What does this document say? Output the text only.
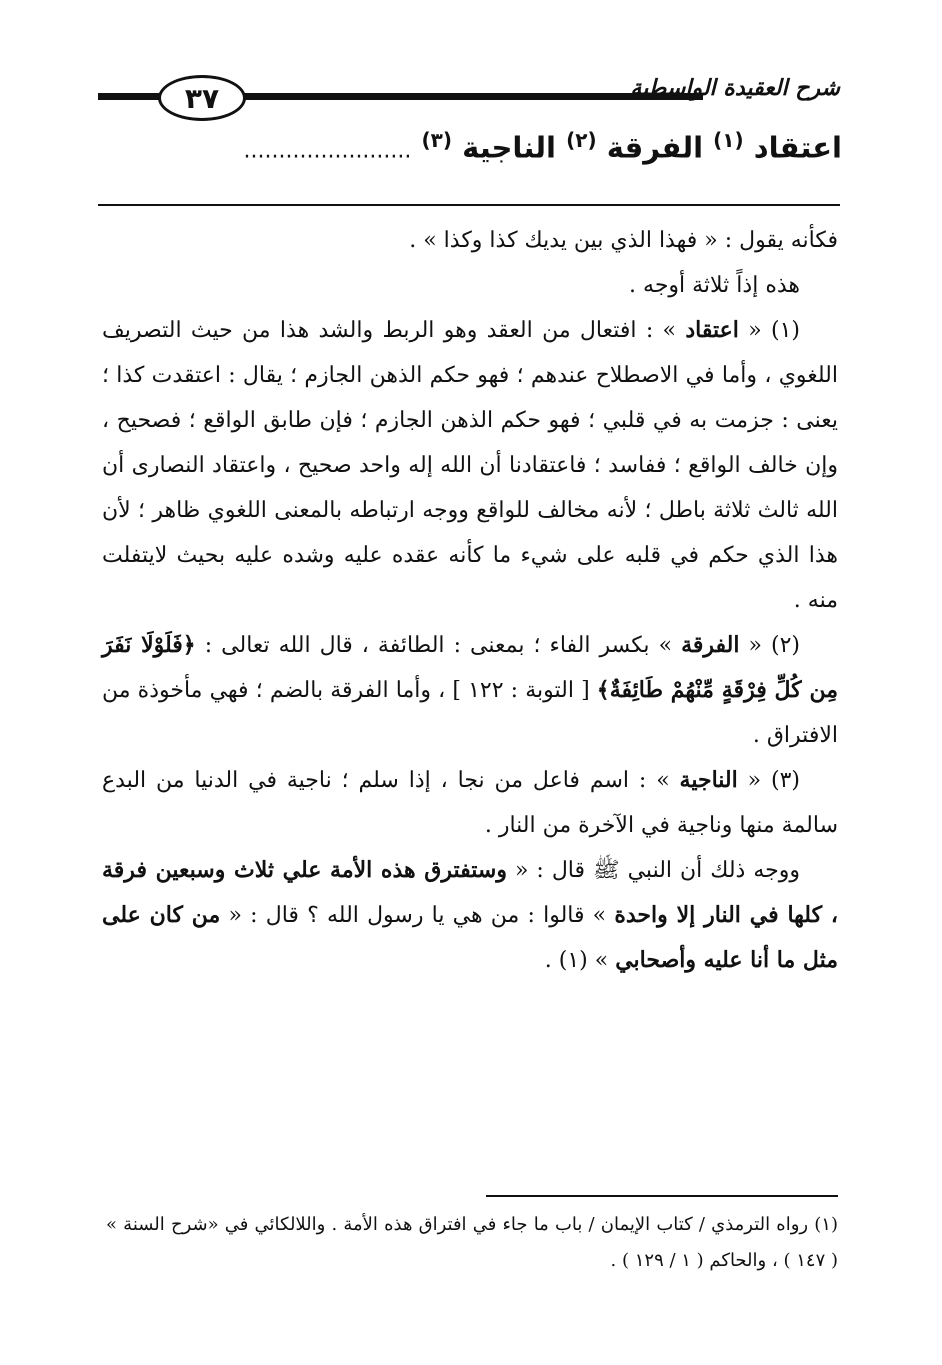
٣٧	شرح العقيدة الواسطية
اعتقاد $^{(١)}$ الفرقة $^{(٢)}$ الناجية $^{(٣)}$ ........................

فكأنه يقول : « فهذا الذي بين يديك كذا وكذا » .

هذه إذاً ثلاثة أوجه .

(١) « اعتقاد » : افتعال من العقد وهو الربط والشد هذا من حيث التصريف اللغوي ، وأما في الاصطلاح عندهم ؛ فهو حكم الذهن الجازم ؛ يقال : اعتقدت كذا ؛ يعنى : جزمت به في قلبي ؛ فهو حكم الذهن الجازم ؛ فإن طابق الواقع ؛ فصحيح ، وإن خالف الواقع ؛ ففاسد ؛ فاعتقادنا أن الله إله واحد صحيح ، واعتقاد النصارى أن الله ثالث ثلاثة باطل ؛ لأنه مخالف للواقع ووجه ارتباطه بالمعنى اللغوي ظاهر ؛ لأن هذا الذي حكم في قلبه على شيء ما كأنه عقده عليه وشده عليه بحيث لايتفلت منه .

(٢) « الفرقة » بكسر الفاء ؛ بمعنى : الطائفة ، قال الله تعالى : ﴿فَلَوْلَا نَفَرَ مِن كُلِّ فِرْقَةٍ مِّنْهُمْ طَائِفَةٌ﴾ [ التوبة : ١٢٢ ] ، وأما الفرقة بالضم ؛ فهي مأخوذة من الافتراق .

(٣) « الناجية » : اسم فاعل من نجا ، إذا سلم ؛ ناجية في الدنيا من البدع سالمة منها وناجية في الآخرة من النار .

ووجه ذلك أن النبي ﷺ قال : « وستفترق هذه الأمة علي ثلاث وسبعين فرقة ، كلها في النار إلا واحدة » قالوا : من هي يا رسول الله ؟ قال : « من كان على مثل ما أنا عليه وأصحابي » (١) .

(١) رواه الترمذي / كتاب الإيمان / باب ما جاء في افتراق هذه الأمة . واللالكائي في «شرح السنة » ( ١٤٧ ) ، والحاكم ( ١ / ١٢٩ ) .
